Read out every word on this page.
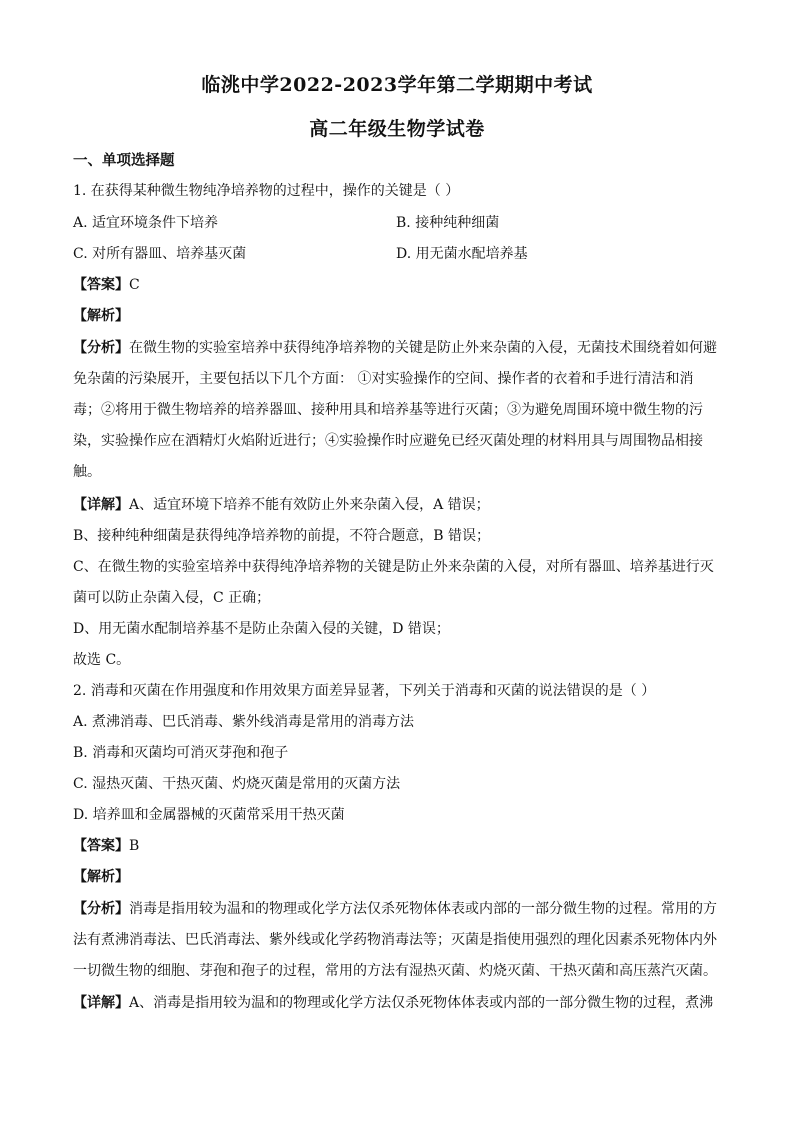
临洮中学2022-2023学年第二学期期中考试
高二年级生物学试卷
一、单项选择题
1. 在获得某种微生物纯净培养物的过程中，操作的关键是（ ）
A. 适宜环境条件下培养	B. 接种纯种细菌
C. 对所有器皿、培养基灭菌	D. 用无菌水配培养基
【答案】C
【解析】
【分析】在微生物的实验室培养中获得纯净培养物的关键是防止外来杂菌的入侵，无菌技术围绕着如何避
免杂菌的污染展开，主要包括以下几个方面： ①对实验操作的空间、操作者的衣着和手进行清洁和消
毒；②将用于微生物培养的培养器皿、接种用具和培养基等进行灭菌；③为避免周围环境中微生物的污
染，实验操作应在酒精灯火焰附近进行；④实验操作时应避免已经灭菌处理的材料用具与周围物品相接
触。
【详解】A、适宜环境下培养不能有效防止外来杂菌入侵，A 错误；
B、接种纯种细菌是获得纯净培养物的前提，不符合题意，B 错误；
C、在微生物的实验室培养中获得纯净培养物的关键是防止外来杂菌的入侵，对所有器皿、培养基进行灭
菌可以防止杂菌入侵，C 正确；
D、用无菌水配制培养基不是防止杂菌入侵的关键，D 错误；
故选 C。
2. 消毒和灭菌在作用强度和作用效果方面差异显著，下列关于消毒和灭菌的说法错误的是（ ）
A. 煮沸消毒、巴氏消毒、紫外线消毒是常用的消毒方法
B. 消毒和灭菌均可消灭芽孢和孢子
C. 湿热灭菌、干热灭菌、灼烧灭菌是常用的灭菌方法
D. 培养皿和金属器械的灭菌常采用干热灭菌
【答案】B
【解析】
【分析】消毒是指用较为温和的物理或化学方法仅杀死物体体表或内部的一部分微生物的过程。常用的方
法有煮沸消毒法、巴氏消毒法、紫外线或化学药物消毒法等；灭菌是指使用强烈的理化因素杀死物体内外
一切微生物的细胞、芽孢和孢子的过程，常用的方法有湿热灭菌、灼烧灭菌、干热灭菌和高压蒸汽灭菌。
【详解】A、消毒是指用较为温和的物理或化学方法仅杀死物体体表或内部的一部分微生物的过程，煮沸
